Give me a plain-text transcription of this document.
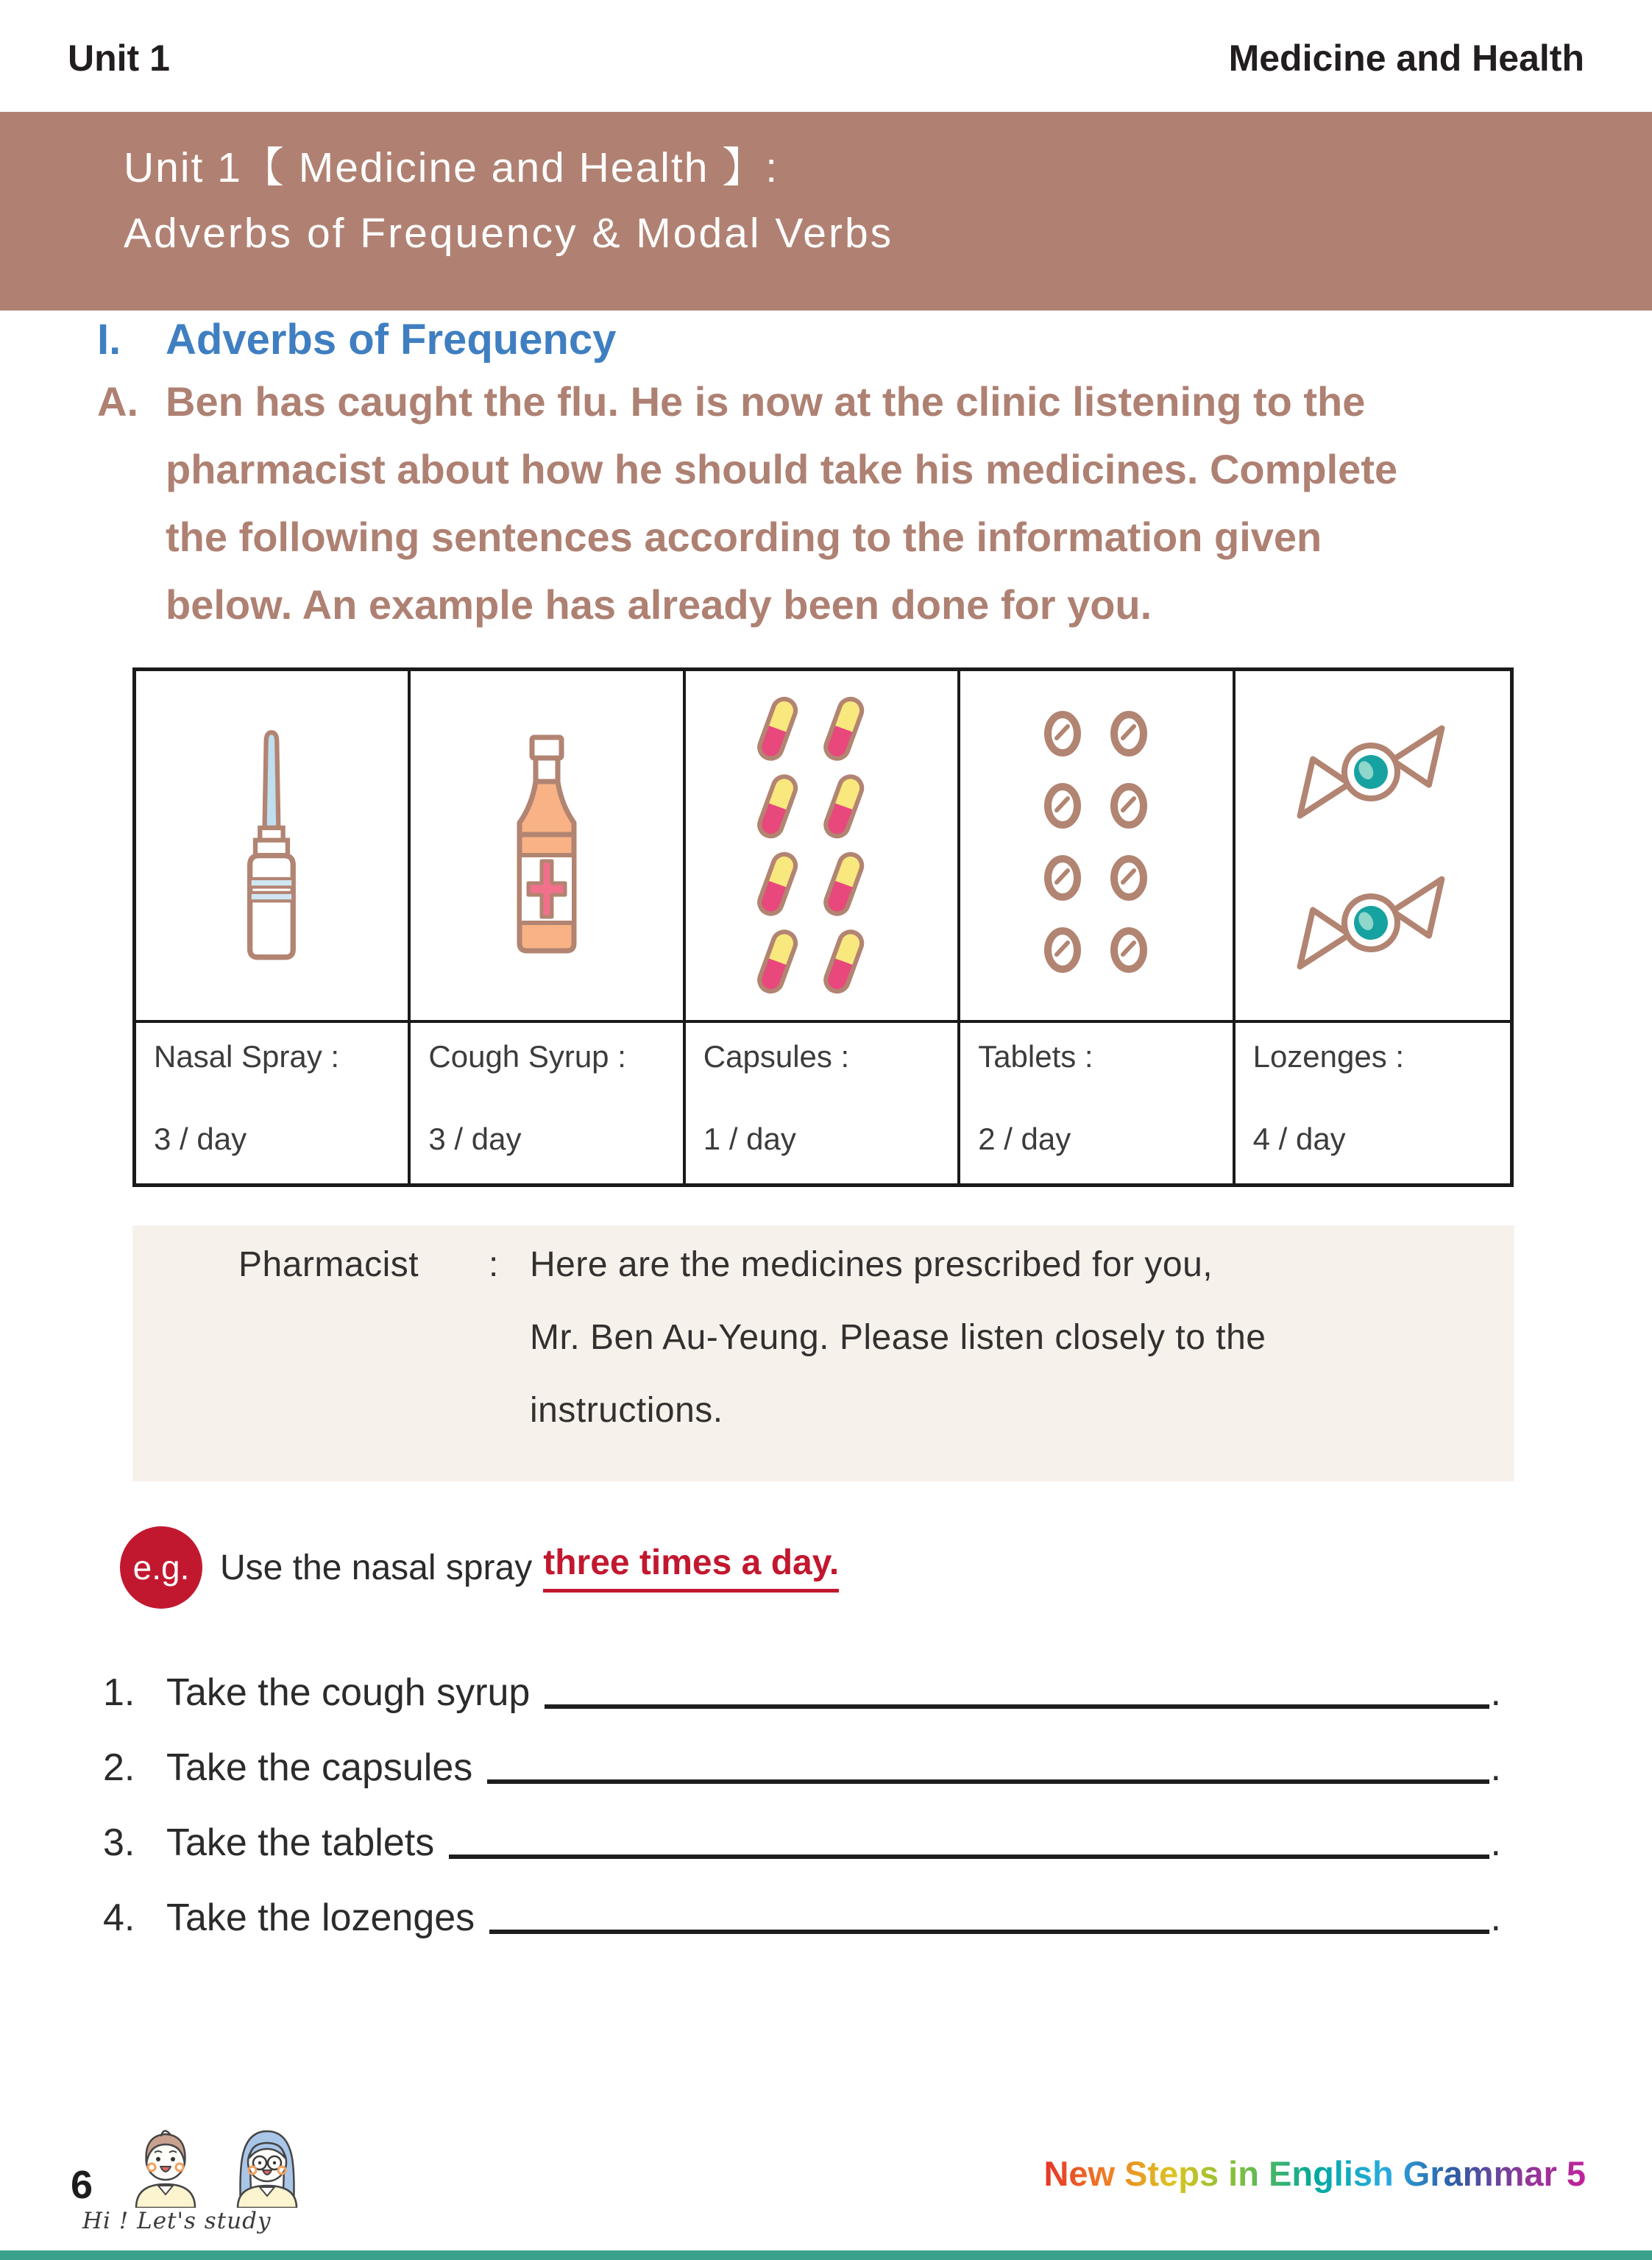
Unit 1	Medicine and Health
Unit 1【 Medicine and Health 】:
Adverbs of Frequency & Modal Verbs
I.	Adverbs of Frequency
A. Ben has caught the flu. He is now at the clinic listening to the
pharmacist about how he should take his medicines. Complete
the following sentences according to the information given
below. An example has already been done for you.
Nasal Spray :
3 / day
Cough Syrup :
3 / day
Capsules :
1 / day
Tablets :
2 / day
Lozenges :
4 / day
Pharmacist : Here are the medicines prescribed for you,
Mr. Ben Au-Yeung. Please listen closely to the
instructions.
e.g. Use the nasal spray three times a day.
1. Take the cough syrup	.
2. Take the capsules	.
3. Take the tablets	.
4. Take the lozenges	.
6
Hi ! Let's study
New Steps in English Grammar 5
